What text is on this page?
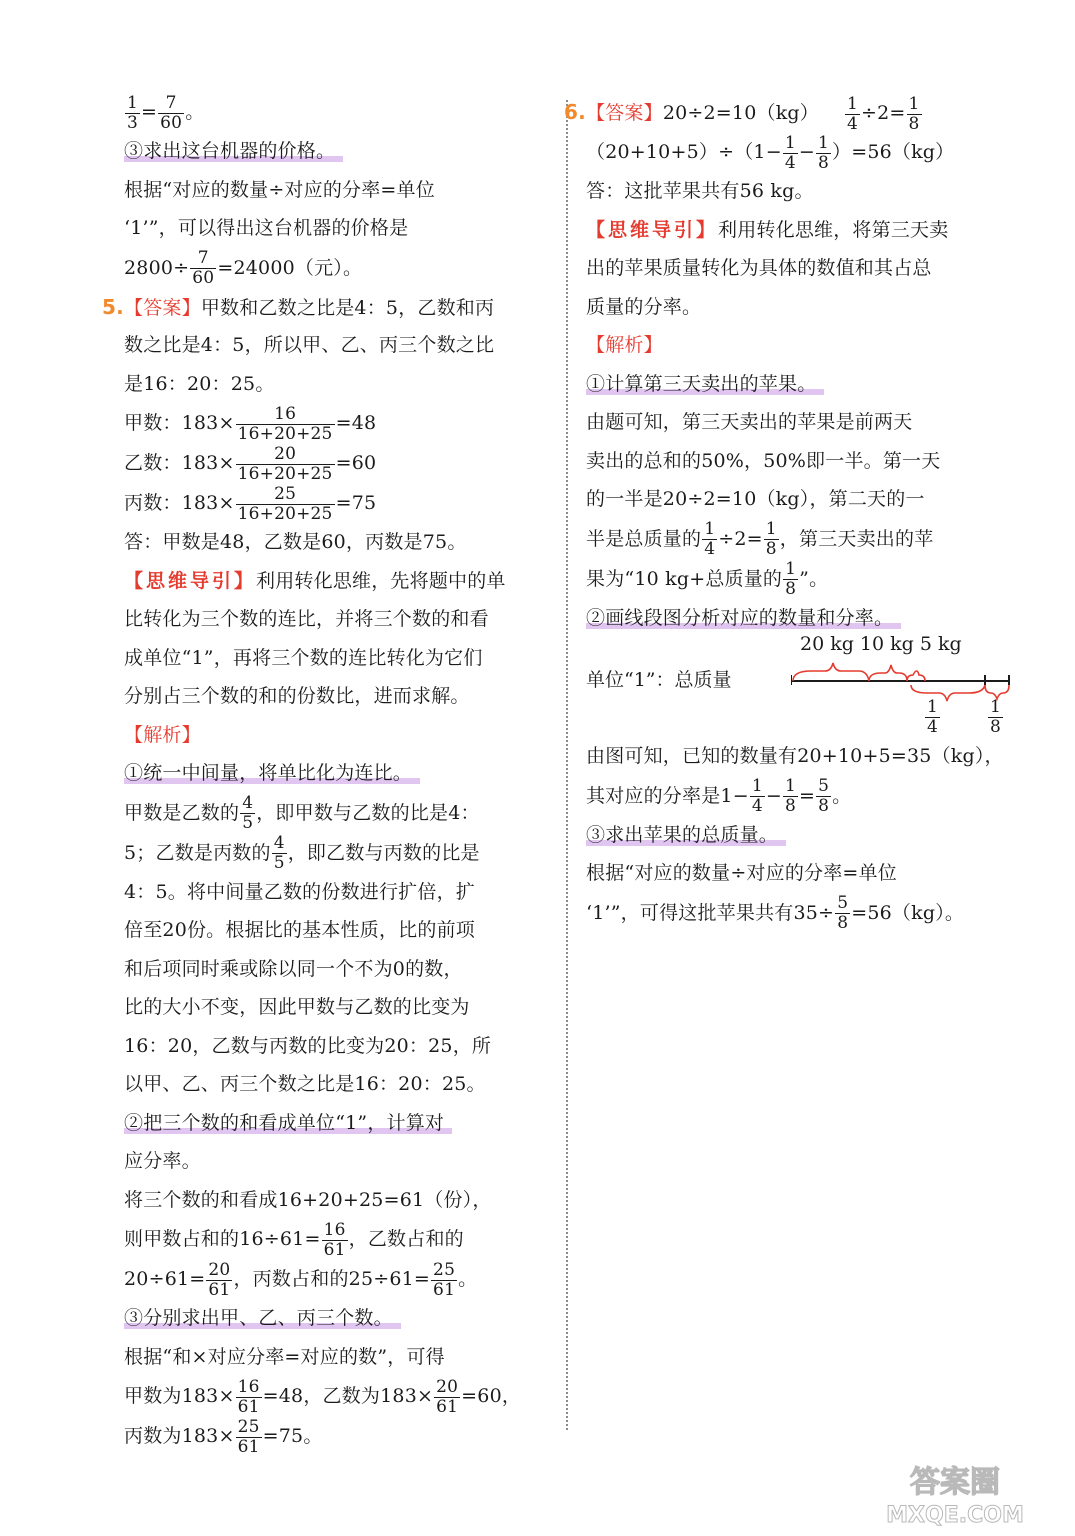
$\frac{1}{3} = \frac{7}{60}$ 。
③求出这台机器的价格。
根据“对应的数量÷对应的分率=单位
‘1’”，可以得出这台机器的价格是
$2800\div \frac{7}{60} =24000$（元）。
5.【答案】甲数和乙数之比是4：5，乙数和丙
数之比是4：5，所以甲、乙、丙三个数之比
是16：20：25。
甲数：$183\times \frac{16}{16+20+25} =48$
乙数：$183\times \frac{20}{16+20+25} =60$
丙数：$183\times \frac{25}{16+20+25} =75$
答：甲数是48，乙数是60，丙数是75。
【思维导引】利用转化思维，先将题中的单
比转化为三个数的连比，并将三个数的和看
成单位“1”，再将三个数的连比转化为它们
分别占三个数的和的份数比，进而求解。
【解析】
①统一中间量，将单比化为连比。
甲数是乙数的 $\frac{4}{5}$ ，即甲数与乙数的比是4：
5；乙数是丙数的 $\frac{4}{5}$ ，即乙数与丙数的比是
4：5。将中间量乙数的份数进行扩倍，扩
倍至20份。根据比的基本性质，比的前项
和后项同时乘或除以同一个不为0的数，
比的大小不变，因此甲数与乙数的比变为
16：20，乙数与丙数的比变为20：25，所
以甲、乙、丙三个数之比是16：20：25。
②把三个数的和看成单位“1”，计算对
应分率。
将三个数的和看成16+20+25=61（份），
则甲数占和的$16\div 61= \frac{16}{61}$ ，乙数占和的
$20\div 61= \frac{20}{61}$ ，丙数占和的$25\div 61= \frac{25}{61}$ 。
③分别求出甲、乙、丙三个数。
根据“和×对应分率=对应的数”，可得
甲数为$183\times \frac{16}{61} =48$，乙数为$183\times \frac{20}{61} =60$，
丙数为$183\times \frac{25}{61} =75$。
6.【答案】$20\div 2=10(kg) \frac{1}{4} \div 2= \frac{1}{8}$
$(20+10+5)\div(1- \frac{1}{4} - \frac{1}{8} )=56(kg)$
答：这批苹果共有56 kg。
【思维导引】利用转化思维，将第三天卖
出的苹果质量转化为具体的数值和其占总
质量的分率。
【解析】
①计算第三天卖出的苹果。
由题可知，第三天卖出的苹果是前两天
卖出的总和的50%，50%即一半。第一天
的一半是20÷2=10（kg），第二天的一
半是总质量的 $\frac{1}{4} \div 2= \frac{1}{8}$ ，第三天卖出的苹
果为“10 kg+总质量的 $\frac{1}{8}$ ”。
②画线段图分析对应的数量和分率。
20 kg 10 kg 5 kg
单位“1”：总质量
$\frac{1}{4}$	$\frac{1}{8}$
由图可知，已知的数量有20+10+5=35（kg），
其对应的分率是$1- \frac{1}{4} - \frac{1}{8} = \frac{5}{8}$ 。
③求出苹果的总质量。
根据“对应的数量÷对应的分率=单位
‘1’”，可得这批苹果共有$35\div \frac{5}{8} =56(kg)$。
答案圈
MXQE.COM
